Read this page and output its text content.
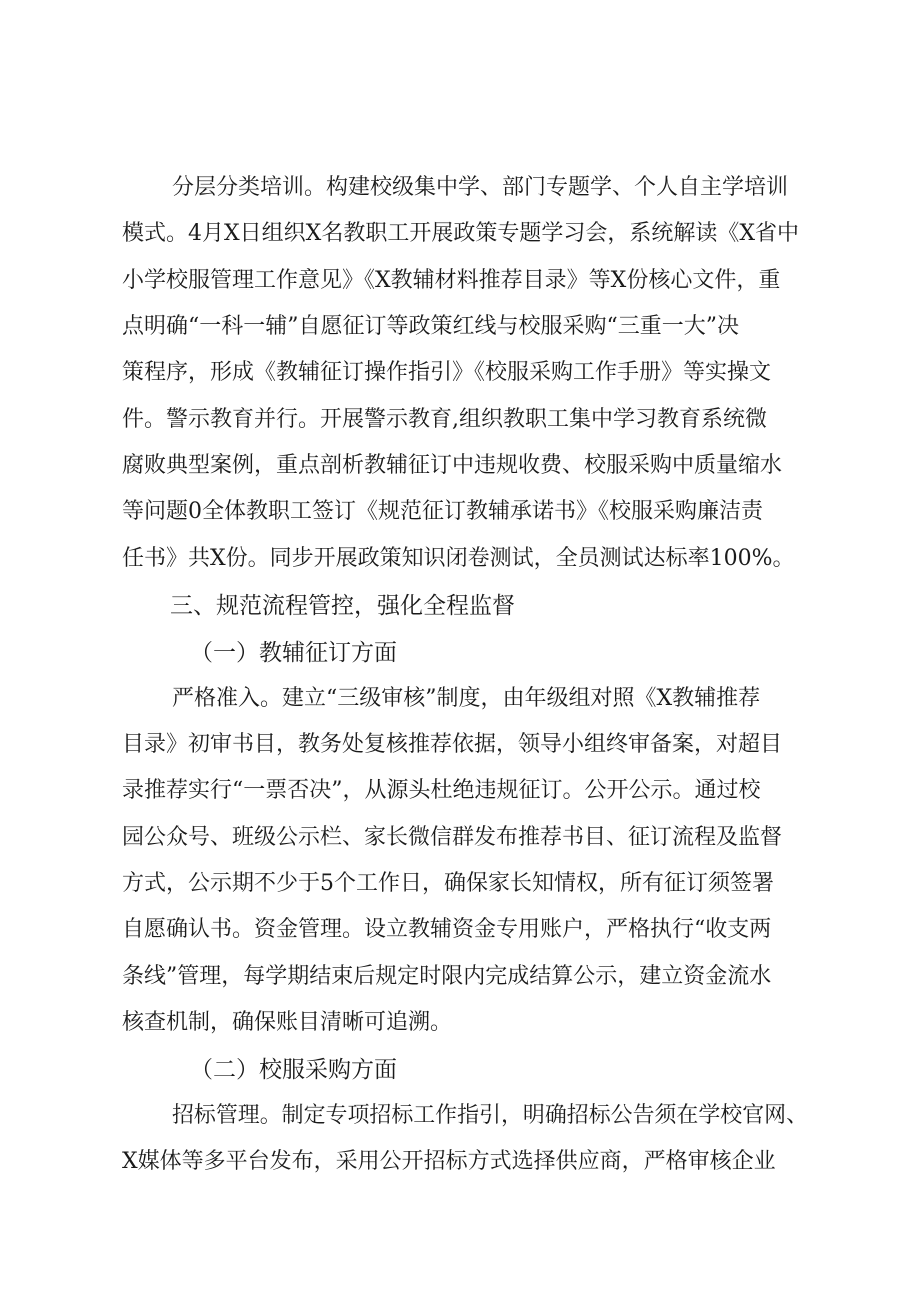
分层分类培训。构建校级集中学、部门专题学、个人自主学培训
模式。4月X日组织X名教职工开展政策专题学习会，系统解读《X省中
小学校服管理工作意见》《X教辅材料推荐目录》等X份核心文件，重
点明确“一科一辅”自愿征订等政策红线与校服采购“三重一大”决
策程序，形成《教辅征订操作指引》《校服采购工作手册》等实操文
件。警示教育并行。开展警示教育,组织教职工集中学习教育系统微
腐败典型案例，重点剖析教辅征订中违规收费、校服采购中质量缩水
等问题0全体教职工签订《规范征订教辅承诺书》《校服采购廉洁责
任书》共X份。同步开展政策知识闭卷测试，全员测试达标率100%。
三、规范流程管控，强化全程监督
（一）教辅征订方面
严格准入。建立“三级审核”制度，由年级组对照《X教辅推荐
目录》初审书目，教务处复核推荐依据，领导小组终审备案，对超目
录推荐实行“一票否决”，从源头杜绝违规征订。公开公示。通过校
园公众号、班级公示栏、家长微信群发布推荐书目、征订流程及监督
方式，公示期不少于5个工作日，确保家长知情权，所有征订须签署
自愿确认书。资金管理。设立教辅资金专用账户，严格执行“收支两
条线”管理，每学期结束后规定时限内完成结算公示，建立资金流水
核查机制，确保账目清晰可追溯。
（二）校服采购方面
招标管理。制定专项招标工作指引，明确招标公告须在学校官网、
X媒体等多平台发布，采用公开招标方式选择供应商，严格审核企业
